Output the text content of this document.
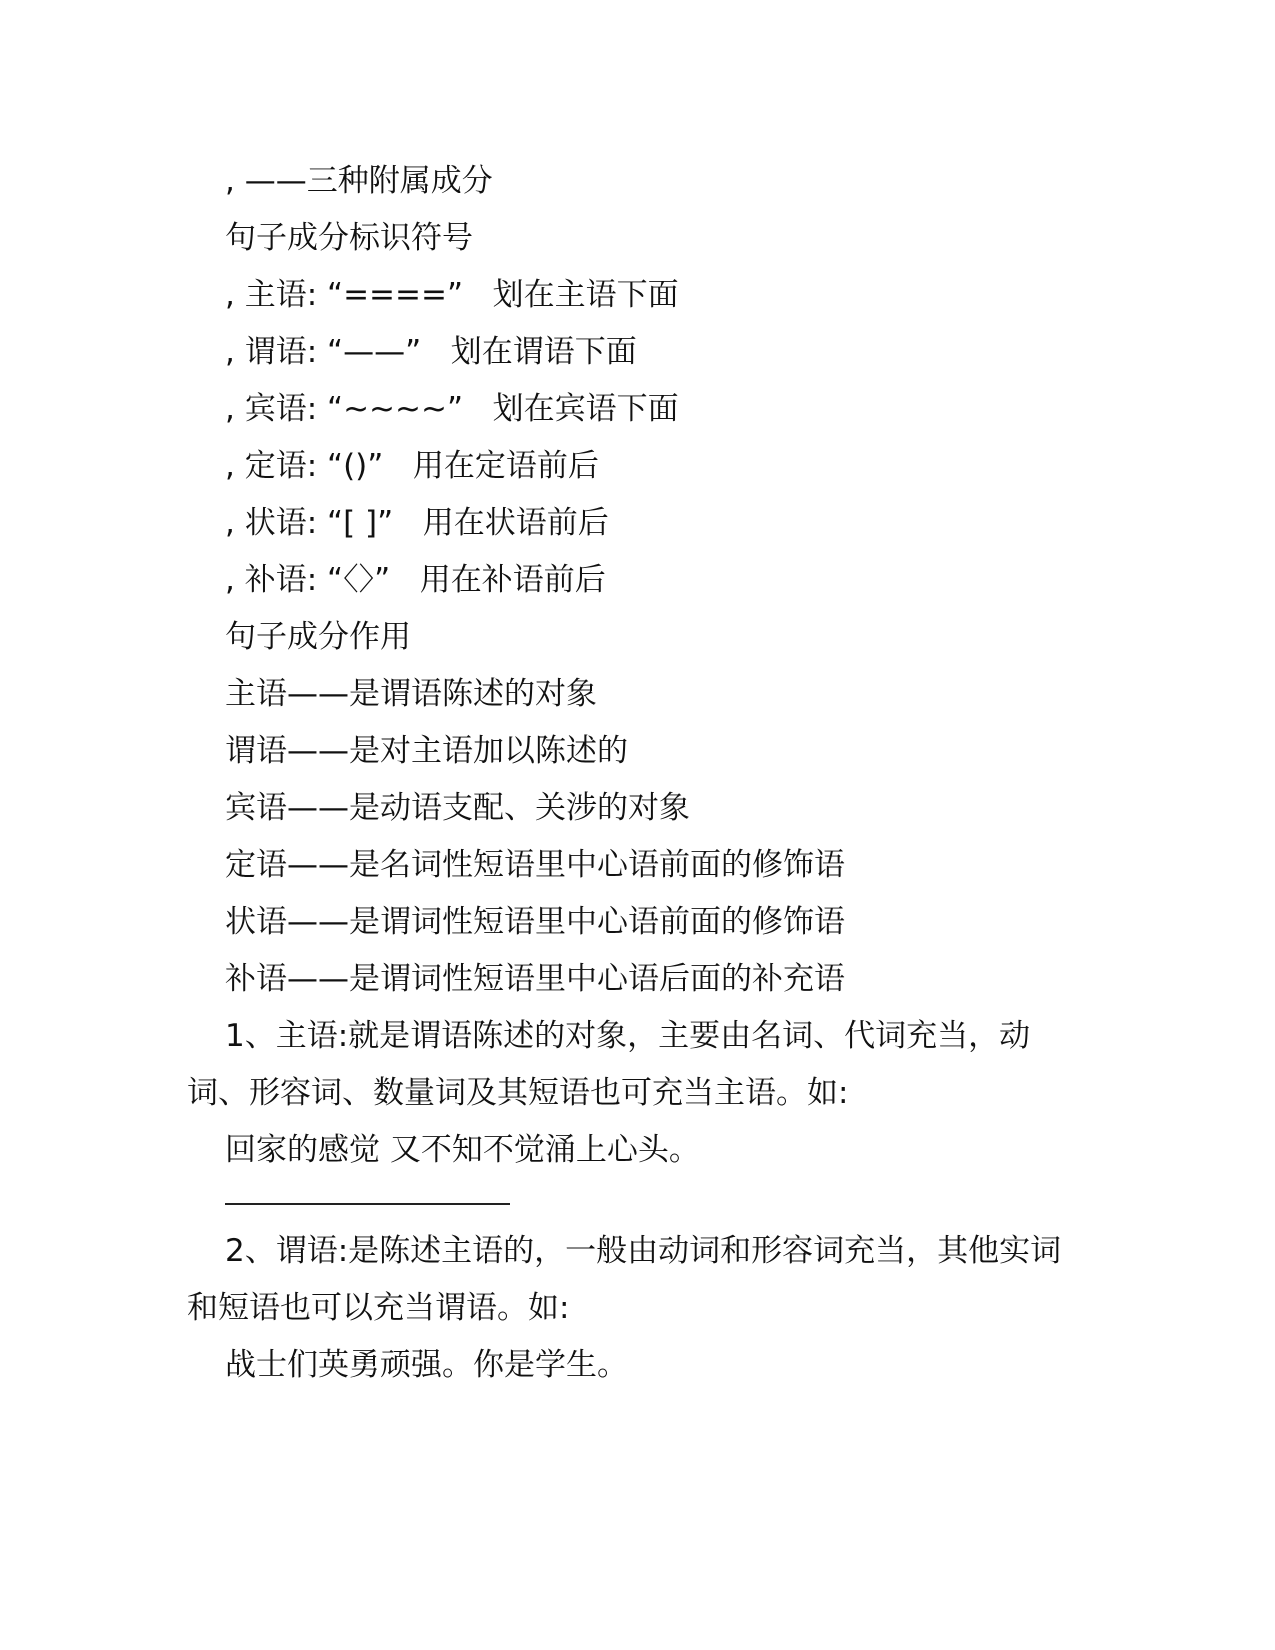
, ——三种附属成分
句子成分标识符号
, 主语: “====”   划在主语下面
, 谓语: “——”   划在谓语下面
, 宾语: “~~~~”   划在宾语下面
, 定语: “()”   用在定语前后
, 状语: “[ ]”   用在状语前后
, 补语: “〈〉”   用在补语前后
句子成分作用
主语——是谓语陈述的对象
谓语——是对主语加以陈述的
宾语——是动语支配、关涉的对象
定语——是名词性短语里中心语前面的修饰语
状语——是谓词性短语里中心语前面的修饰语
补语——是谓词性短语里中心语后面的补充语
1、主语:就是谓语陈述的对象，主要由名词、代词充当，动词、形容词、数量词及其短语也可充当主语。如:
回家的感觉 又不知不觉涌上心头。
2、谓语:是陈述主语的，一般由动词和形容词充当，其他实词和短语也可以充当谓语。如:
战士们英勇顽强。你是学生。
